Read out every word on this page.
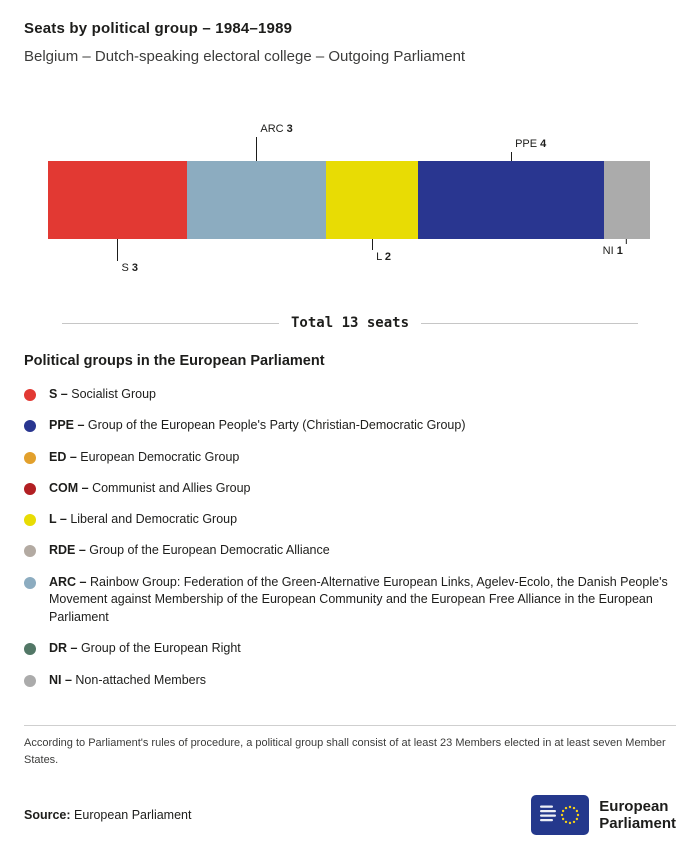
Seats by political group – 1984–1989
Belgium – Dutch-speaking electoral college – Outgoing Parliament
S 3
ARC 3
L 2
PPE 4
NI 1
Total 13 seats
Political groups in the European Parliament
S – Socialist Group
PPE – Group of the European People's Party (Christian-Democratic Group)
ED – European Democratic Group
COM – Communist and Allies Group
L – Liberal and Democratic Group
RDE – Group of the European Democratic Alliance
ARC – Rainbow Group: Federation of the Green-Alternative European Links, Agelev-Ecolo, the Danish People's Movement against Membership of the European Community and the European Free Alliance in the European Parliament
DR – Group of the European Right
NI – Non-attached Members
According to Parliament's rules of procedure, a political group shall consist of at least 23 Members elected in at least seven Member States.
Source: European Parliament
European
Parliament
